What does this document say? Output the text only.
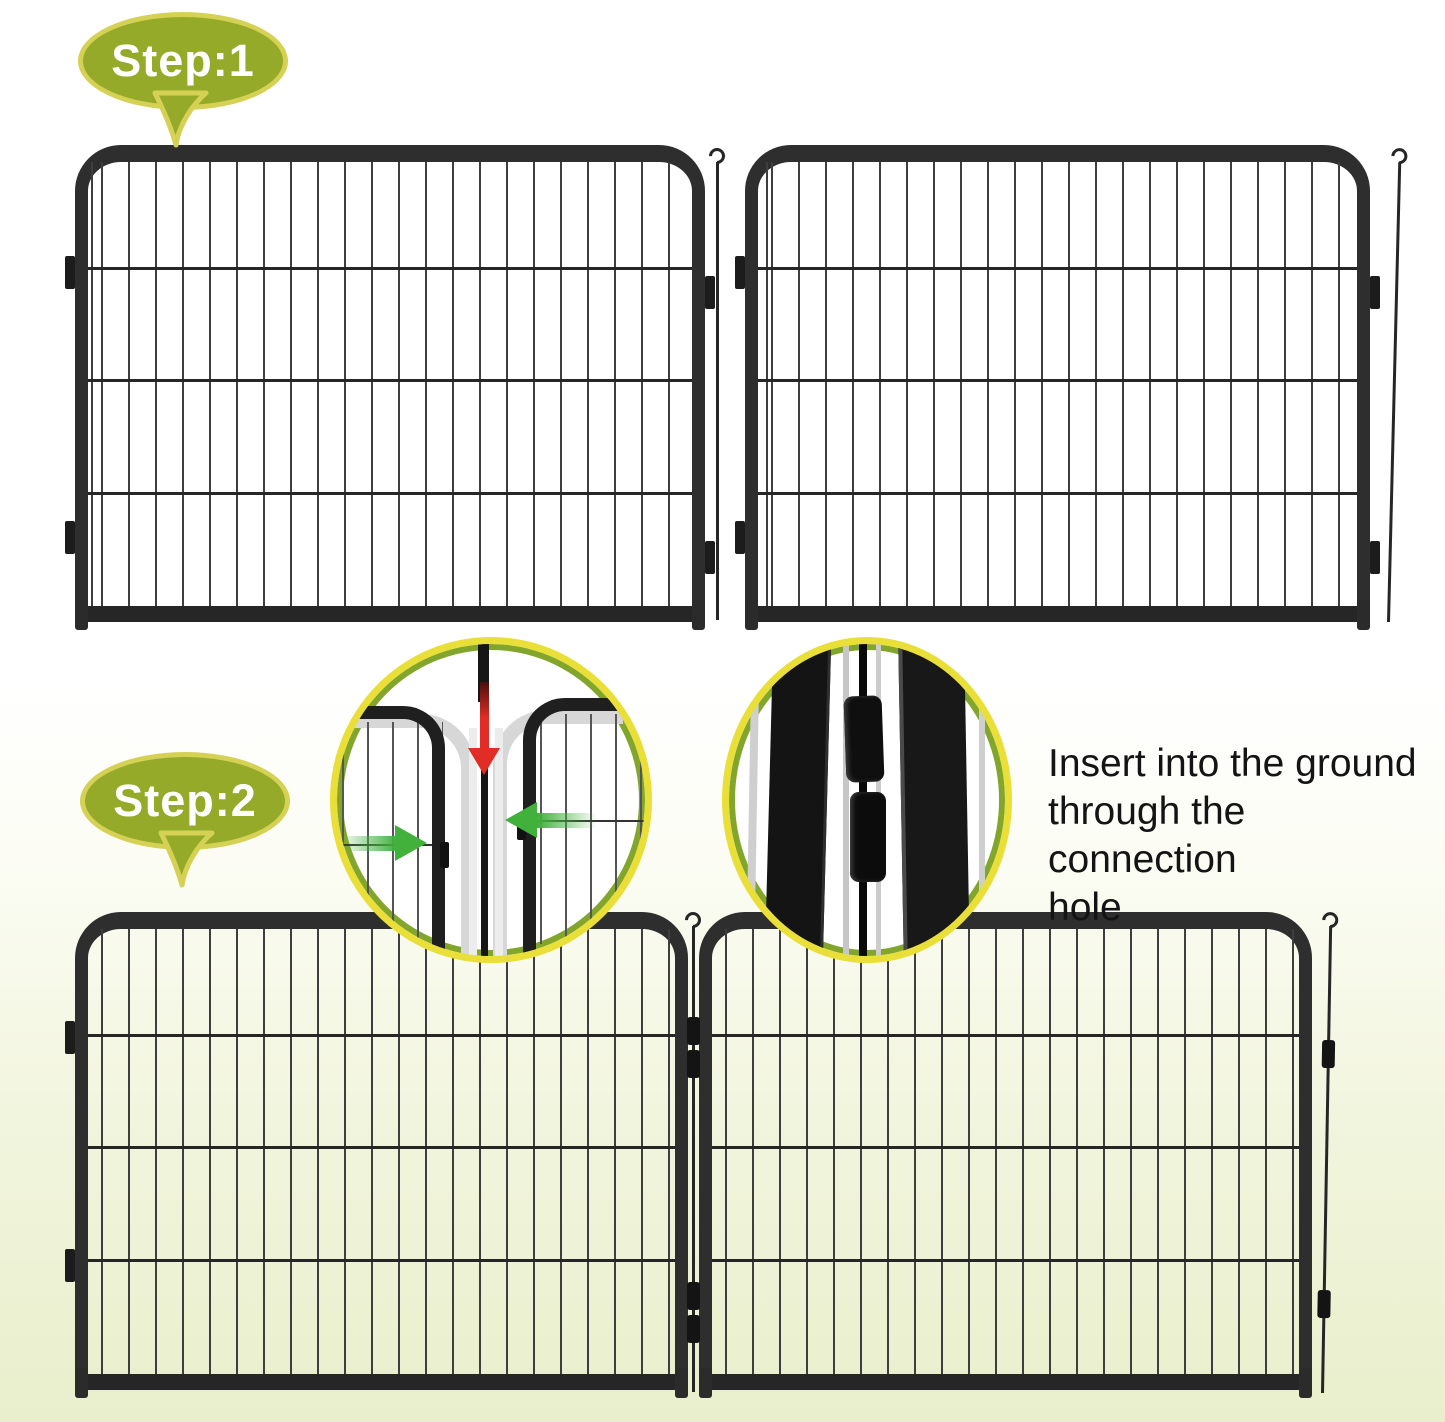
Step:1
Step:2

Insert into the ground

through the connection

hole
